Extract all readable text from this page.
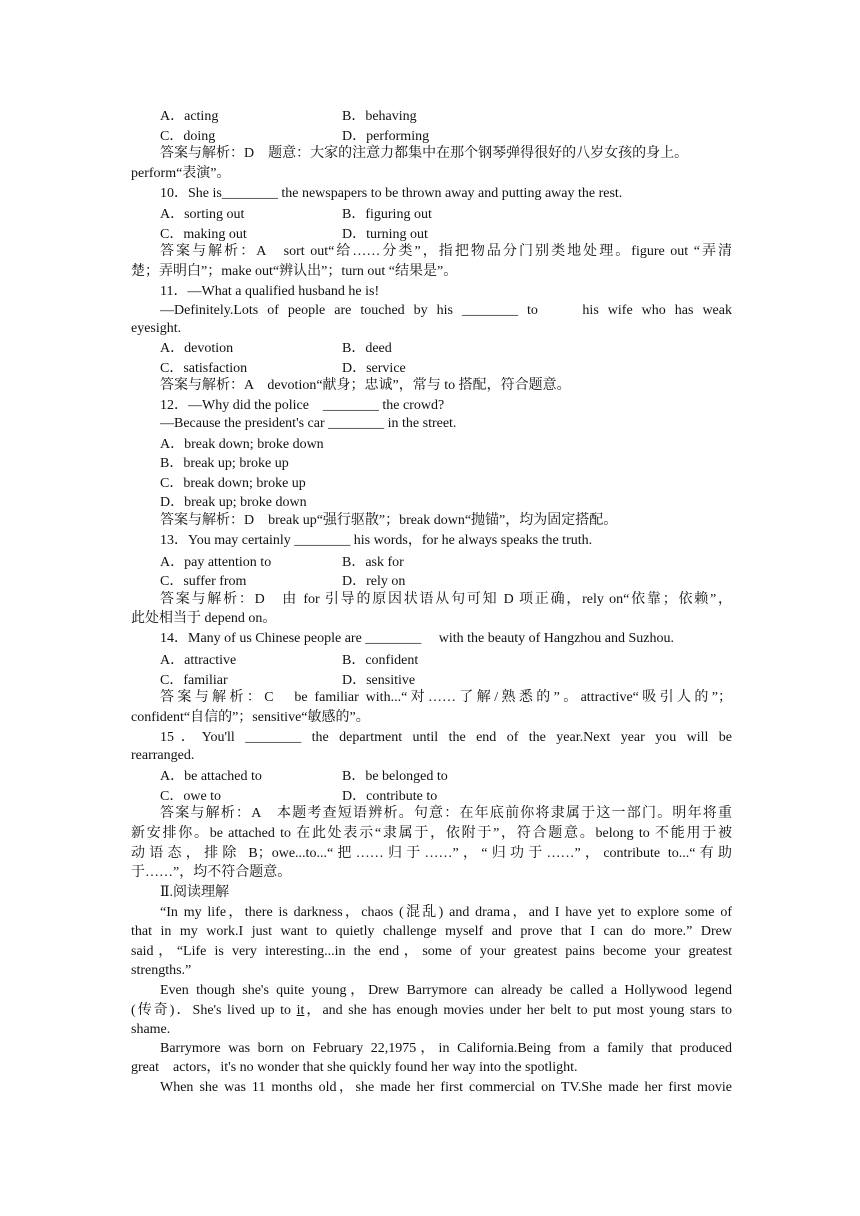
A．acting	B．behaving
C．doing	D．performing
答案与解析：D　题意：大家的注意力都集中在那个钢琴弹得很好的八岁女孩的身上。
perform“表演”。
10．She is________ the newspapers to be thrown away and putting away the rest.
A．sorting out	B．figuring out
C．making out	D．turning out
答案与解析：A　sort out“给……分类”，指把物品分门别类地处理。figure out “弄清
楚；弄明白”；make out“辨认出”；turn out “结果是”。
11．—What a qualified husband he is!
—Definitely.Lots of people are touched by his ________ to　　his wife who has weak
eyesight.
A．devotion	B．deed
C．satisfaction	D．service
答案与解析：A　devotion“献身；忠诚”，常与 to 搭配，符合题意。
12．—Why did the police　________ the crowd?
—Because the president's car ________ in the street.
A．break down; broke down
B．break up; broke up
C．break down; broke up
D．break up; broke down
答案与解析：D　break up“强行驱散”；break down“抛锚”，均为固定搭配。
13．You may certainly ________ his words，for he always speaks the truth.
A．pay attention to	B．ask for
C．suffer from	D．rely on
答案与解析：D　由 for 引导的原因状语从句可知 D 项正确，rely on“依靠；依赖”，
此处相当于 depend on。
14．Many of us Chinese people are ________　 with the beauty of Hangzhou and Suzhou.
A．attractive	B．confident
C．familiar	D．sensitive
答案与解析：C　be familiar with...“对……了解/熟悉的”。attractive“吸引人的”；
confident“自信的”；sensitive“敏感的”。
15．You'll ________ the department until the end of the year.Next year you will be
rearranged.
A．be attached to	B．be belonged to
C．owe to	D．contribute to
答案与解析：A　本题考查短语辨析。句意：在年底前你将隶属于这一部门。明年将重
新安排你。be attached to 在此处表示“隶属于，依附于”，符合题意。belong to 不能用于被
动语态，排除 B；owe...to...“把……归于……”，“归功于……”，contribute to...“有助
于……”，均不符合题意。
Ⅱ.阅读理解
“In my life，there is darkness，chaos (混乱) and drama，and I have yet to explore some of
that in my work.I just want to quietly challenge myself and prove that I can do more.” Drew
said，“Life is very interesting...in the end，some of your greatest pains become your greatest
strengths.”
Even though she's quite young，Drew Barrymore can already be called a Hollywood legend
(传奇)．She's lived up to it，and she has enough movies under her belt to put most young stars to
shame.
Barrymore was born on February 22,1975，in California.Being from a family that produced
great　actors，it's no wonder that she quickly found her way into the spotlight.
When she was 11 months old，she made her first commercial on TV.She made her first movie
